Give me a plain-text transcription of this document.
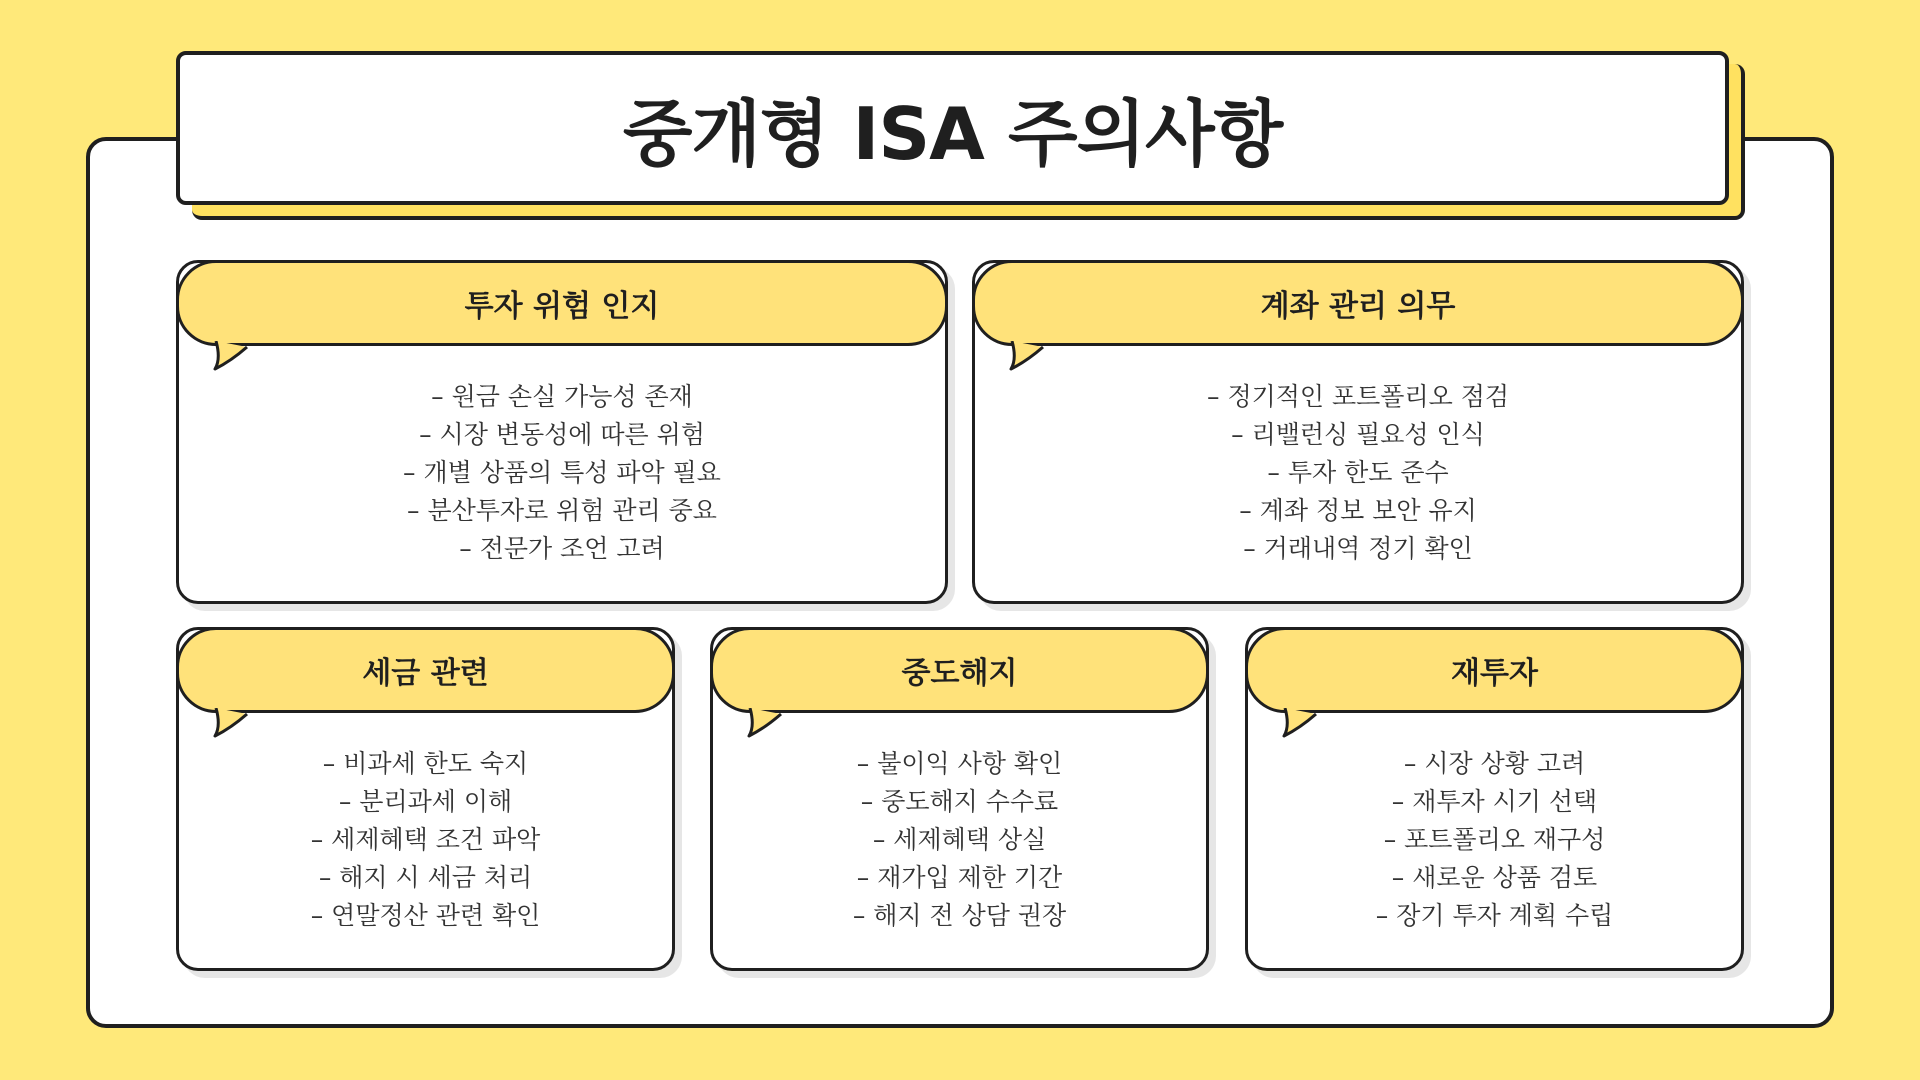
중개형 ISA 주의사항
투자 위험 인지
– 원금 손실 가능성 존재
– 시장 변동성에 따른 위험
– 개별 상품의 특성 파악 필요
– 분산투자로 위험 관리 중요
– 전문가 조언 고려
계좌 관리 의무
– 정기적인 포트폴리오 점검
– 리밸런싱 필요성 인식
– 투자 한도 준수
– 계좌 정보 보안 유지
– 거래내역 정기 확인
세금 관련
– 비과세 한도 숙지
– 분리과세 이해
– 세제혜택 조건 파악
– 해지 시 세금 처리
– 연말정산 관련 확인
중도해지
– 불이익 사항 확인
– 중도해지 수수료
– 세제혜택 상실
– 재가입 제한 기간
– 해지 전 상담 권장
재투자
– 시장 상황 고려
– 재투자 시기 선택
– 포트폴리오 재구성
– 새로운 상품 검토
– 장기 투자 계획 수립
